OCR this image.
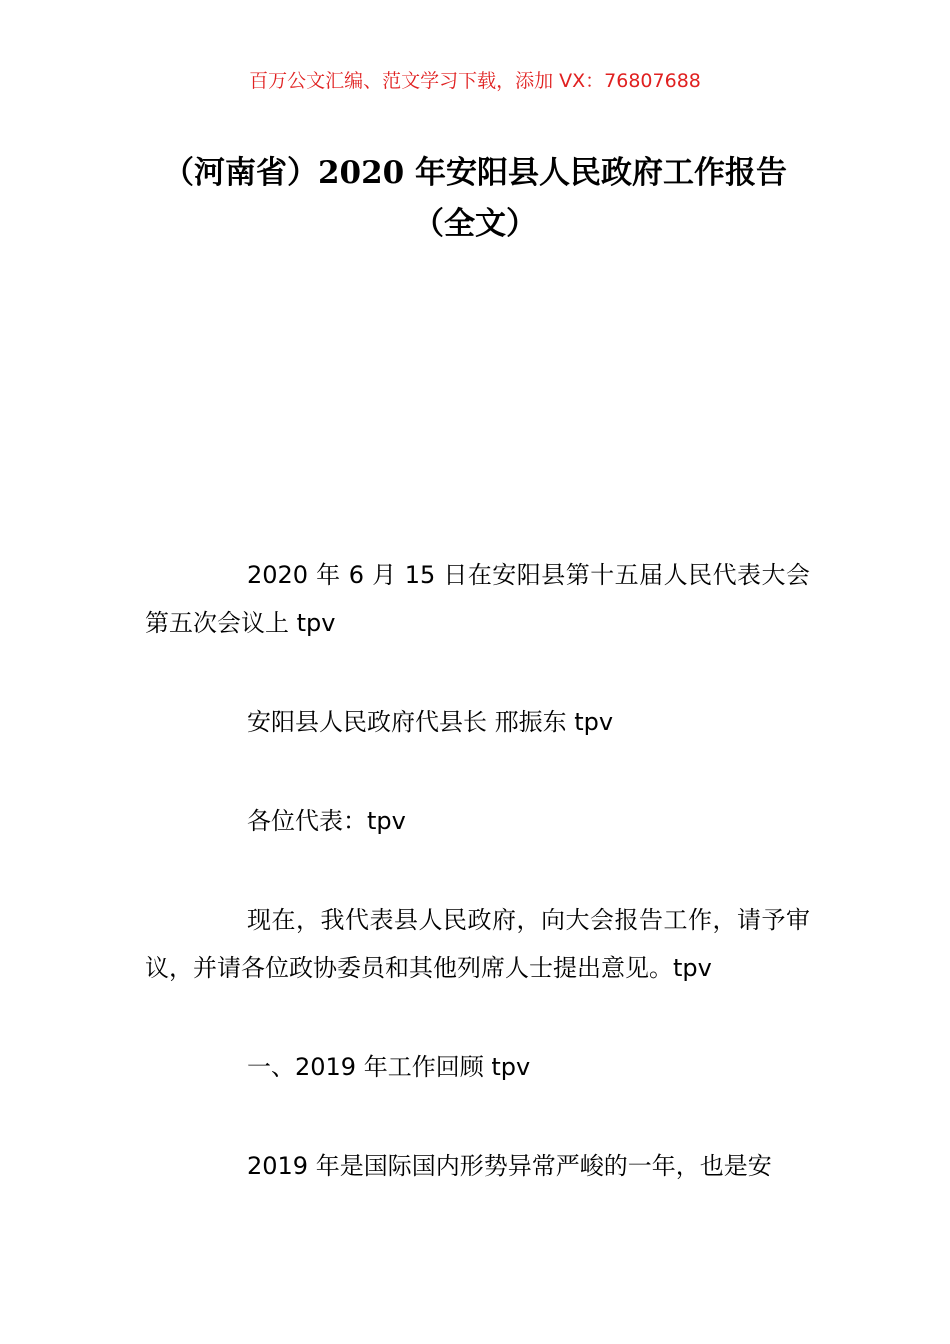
百万公文汇编、范文学习下载，添加 VX：76807688
（河南省）2020 年安阳县人民政府工作报告（全文）

2020 年 6 月 15 日在安阳县第十五届人民代表大会第五次会议上 tpv

安阳县人民政府代县长 邢振东 tpv

各位代表：tpv

现在，我代表县人民政府，向大会报告工作，请予审议，并请各位政协委员和其他列席人士提出意见。tpv

一、2019 年工作回顾 tpv

2019 年是国际国内形势异常严峻的一年，也是安
